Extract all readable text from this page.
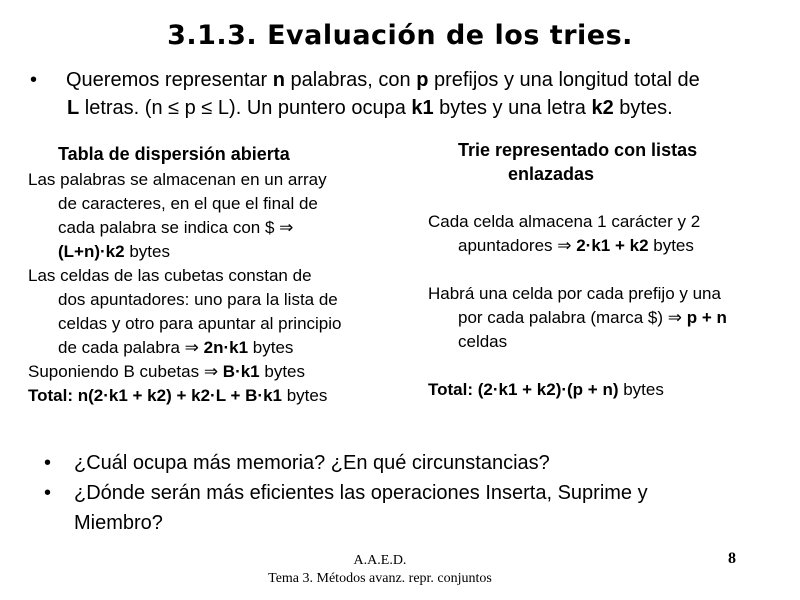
3.1.3. Evaluación de los tries.
• Queremos representar n palabras, con p prefijos y una longitud total de
L letras. (n ≤ p ≤ L). Un puntero ocupa k1 bytes y una letra k2 bytes.
Tabla de dispersión abierta
Las palabras se almacenan en un array
de caracteres, en el que el final de
cada palabra se indica con $ ⇒
(L+n)·k2 bytes
Las celdas de las cubetas constan de
dos apuntadores: uno para la lista de
celdas y otro para apuntar al principio
de cada palabra ⇒ 2n·k1 bytes
Suponiendo B cubetas ⇒ B·k1 bytes
Total: n(2·k1 + k2) + k2·L + B·k1 bytes
Trie representado con listas
enlazadas
Cada celda almacena 1 carácter y 2
apuntadores ⇒ 2·k1 + k2 bytes
Habrá una celda por cada prefijo y una
por cada palabra (marca $) ⇒ p + n
celdas
Total: (2·k1 + k2)·(p + n) bytes
• ¿Cuál ocupa más memoria? ¿En qué circunstancias?
• ¿Dónde serán más eficientes las operaciones Inserta, Suprime y
Miembro?
A.A.E.D.
Tema 3. Métodos avanz. repr. conjuntos
8
